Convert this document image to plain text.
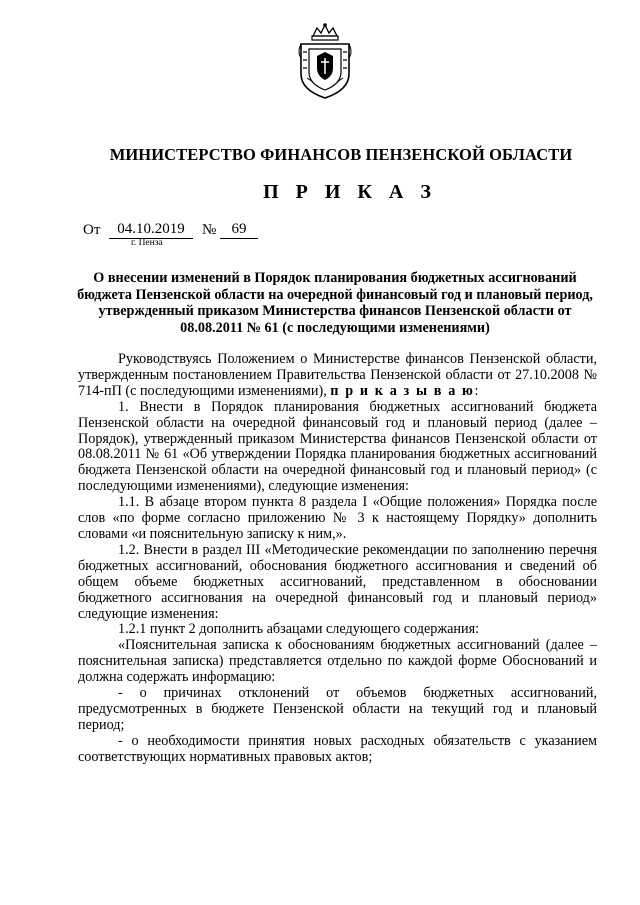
МИНИСТЕРСТВО ФИНАНСОВ ПЕНЗЕНСКОЙ ОБЛАСТИ
П Р И К А З
От	04.10.2019	№	69
г. Пенза
О внесении изменений в Порядок планирования бюджетных ассигнований бюджета Пензенской области на очередной финансовый год и плановый период, утвержденный приказом Министерства финансов Пензенской области от 08.08.2011 № 61 (с последующими изменениями)

Руководствуясь Положением о Министерстве финансов Пензенской области, утвержденным постановлением Правительства Пензенской области от 27.10.2008 № 714-пП (с последующими изменениями), п р и к а з ы в а ю:

1. Внести в Порядок планирования бюджетных ассигнований бюджета Пензенской области на очередной финансовый год и плановый период (далее – Порядок), утвержденный приказом Министерства финансов Пензенской области от 08.08.2011 № 61 «Об утверждении Порядка планирования бюджетных ассигнований бюджета Пензенской области на очередной финансовый год и плановый период» (с последующими изменениями), следующие изменения:

1.1. В абзаце втором пункта 8 раздела I «Общие положения» Порядка после слов «по форме согласно приложению № 3 к настоящему Порядку» дополнить словами «и пояснительную записку к ним,».

1.2. Внести в раздел III «Методические рекомендации по заполнению перечня бюджетных ассигнований, обоснования бюджетного ассигнования и сведений об общем объеме бюджетных ассигнований, представленном в обосновании бюджетного ассигнования на очередной финансовый год и плановый период» следующие изменения:

1.2.1 пункт 2 дополнить абзацами следующего содержания:

«Пояснительная записка к обоснованиям бюджетных ассигнований (далее – пояснительная записка) представляется отдельно по каждой форме Обоснований и должна содержать информацию:

- о причинах отклонений от объемов бюджетных ассигнований, предусмотренных в бюджете Пензенской области на текущий год и плановый период;

- о необходимости принятия новых расходных обязательств с указанием соответствующих нормативных правовых актов;
